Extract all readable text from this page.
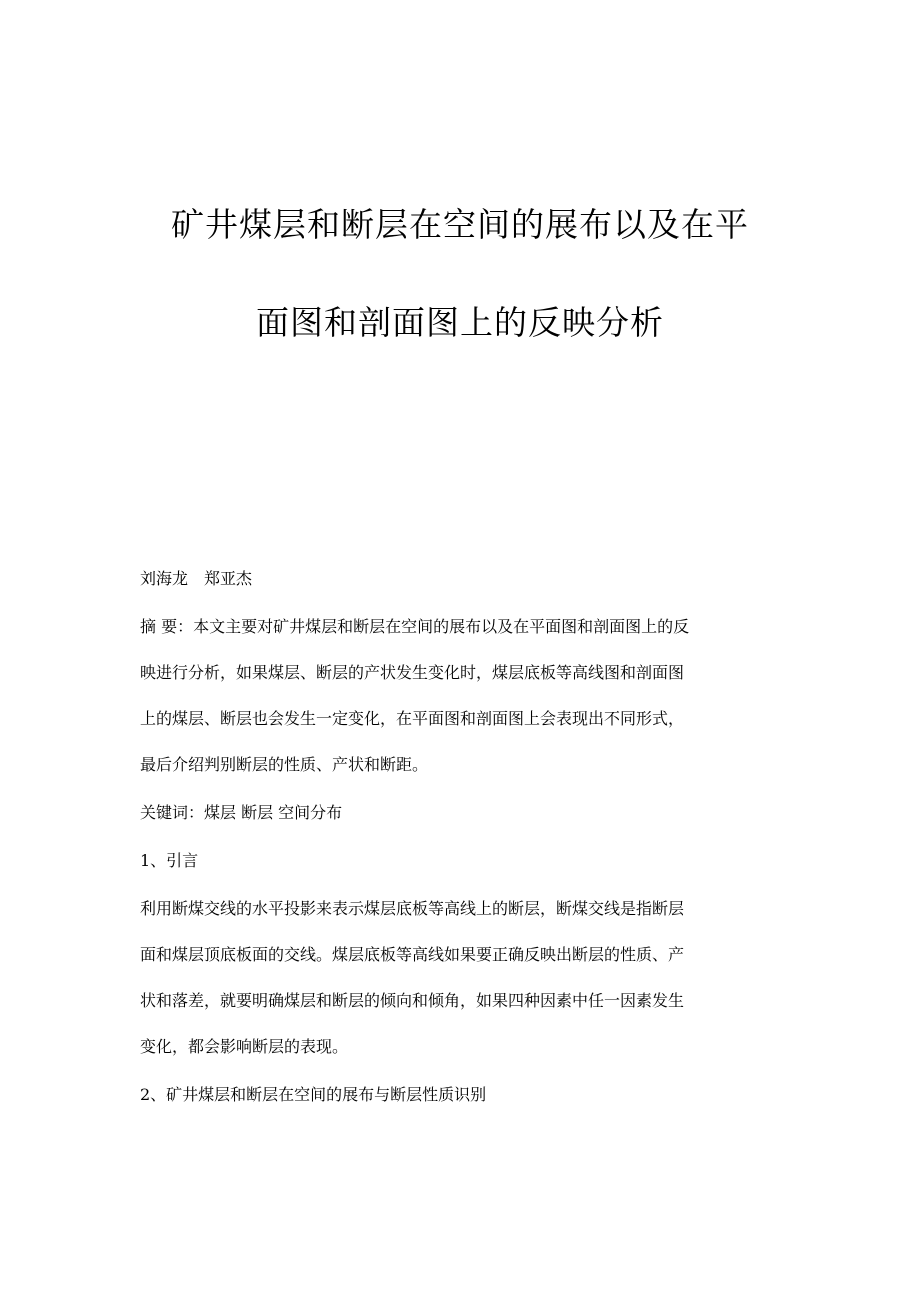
矿井煤层和断层在空间的展布以及在平
面图和剖面图上的反映分析
刘海龙　郑亚杰
摘 要：本文主要对矿井煤层和断层在空间的展布以及在平面图和剖面图上的反
映进行分析，如果煤层、断层的产状发生变化时，煤层底板等高线图和剖面图
上的煤层、断层也会发生一定变化，在平面图和剖面图上会表现出不同形式，
最后介绍判别断层的性质、产状和断距。
关键词：煤层 断层 空间分布
1、引言
利用断煤交线的水平投影来表示煤层底板等高线上的断层，断煤交线是指断层
面和煤层顶底板面的交线。煤层底板等高线如果要正确反映出断层的性质、产
状和落差，就要明确煤层和断层的倾向和倾角，如果四种因素中任一因素发生
变化，都会影响断层的表现。
2、矿井煤层和断层在空间的展布与断层性质识别
